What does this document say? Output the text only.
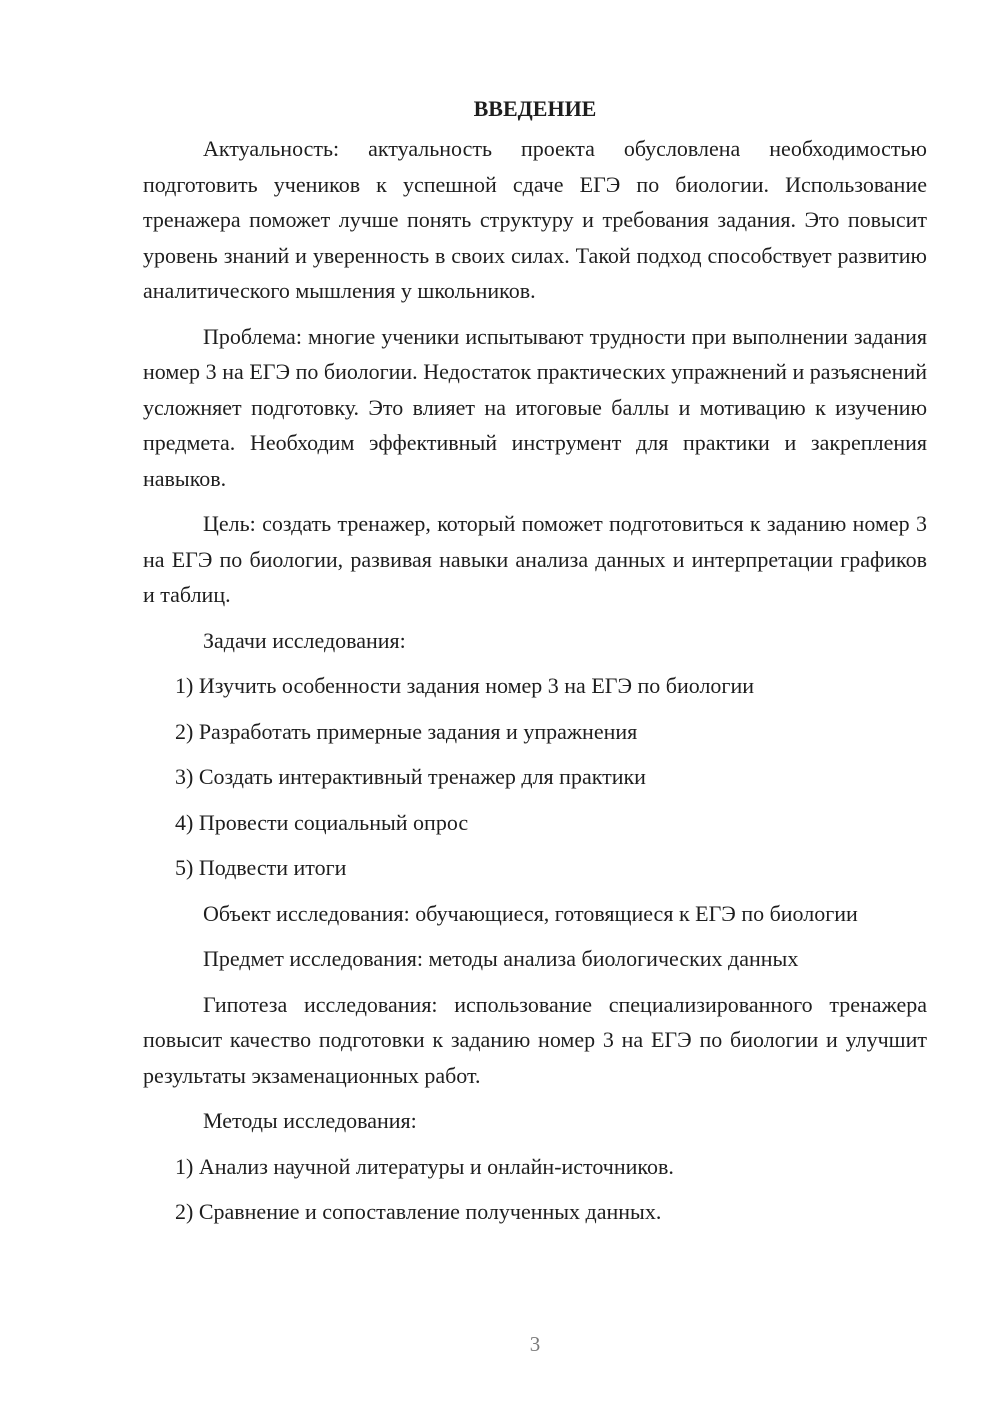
ВВЕДЕНИЕ

Актуальность: актуальность проекта обусловлена необходимостью подготовить учеников к успешной сдаче ЕГЭ по биологии. Использование тренажера поможет лучше понять структуру и требования задания. Это повысит уровень знаний и уверенность в своих силах. Такой подход способствует развитию аналитического мышления у школьников.

Проблема: многие ученики испытывают трудности при выполнении задания номер 3 на ЕГЭ по биологии. Недостаток практических упражнений и разъяснений усложняет подготовку. Это влияет на итоговые баллы и мотивацию к изучению предмета. Необходим эффективный инструмент для практики и закрепления навыков.

Цель: создать тренажер, который поможет подготовиться к заданию номер 3 на ЕГЭ по биологии, развивая навыки анализа данных и интерпретации графиков и таблиц.

Задачи исследования:

1) Изучить особенности задания номер 3 на ЕГЭ по биологии
2) Разработать примерные задания и упражнения
3) Создать интерактивный тренажер для практики
4) Провести социальный опрос
5) Подвести итоги

Объект исследования: обучающиеся, готовящиеся к ЕГЭ по биологии

Предмет исследования: методы анализа биологических данных

Гипотеза исследования: использование специализированного тренажера повысит качество подготовки к заданию номер 3 на ЕГЭ по биологии и улучшит результаты экзаменационных работ.

Методы исследования:

1) Анализ научной литературы и онлайн-источников.
2) Сравнение и сопоставление полученных данных.
3
